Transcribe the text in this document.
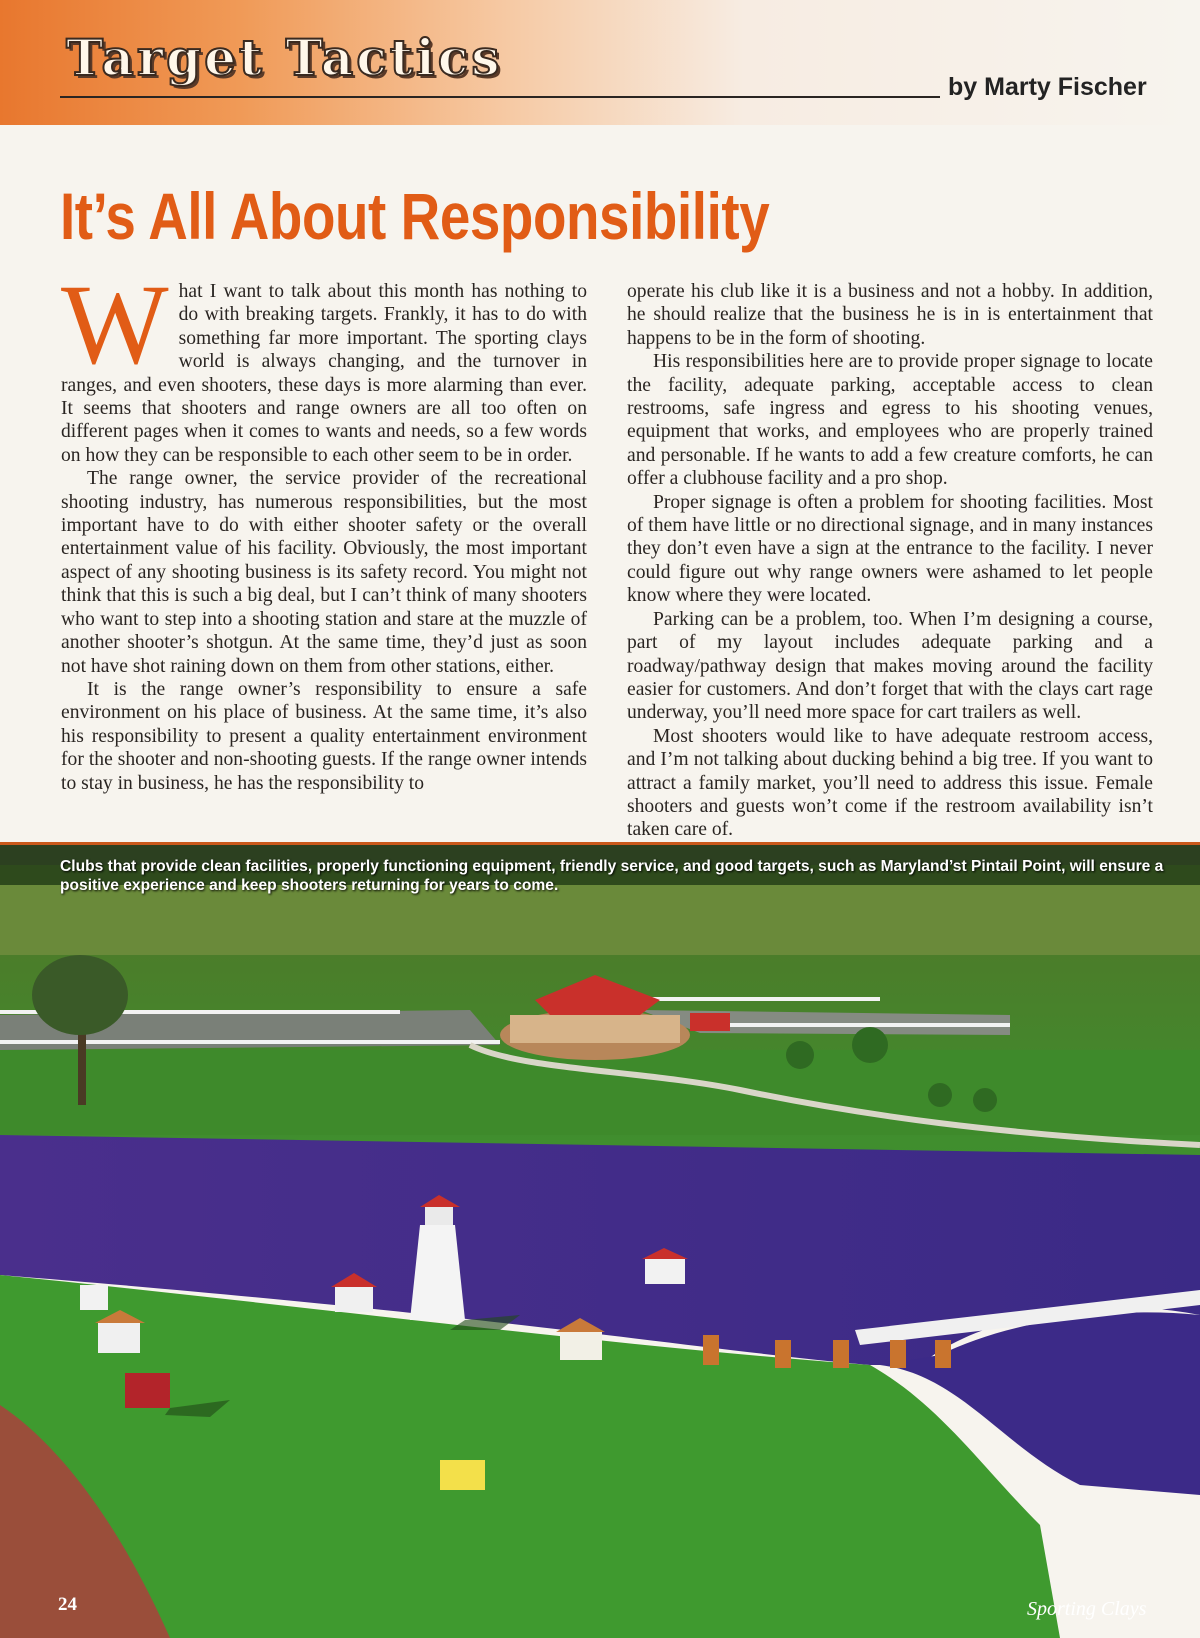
Target Tactics	by Marty Fischer
It’s All About Responsibility

What I want to talk about this month has nothing to do with breaking targets. Frankly, it has to do with something far more important. The sporting clays world is always changing, and the turnover in ranges, and even shooters, these days is more alarming than ever. It seems that shooters and range owners are all too often on different pages when it comes to wants and needs, so a few words on how they can be responsible to each other seem to be in order.

The range owner, the service provider of the recreational shooting industry, has numerous responsibilities, but the most important have to do with either shooter safety or the overall entertainment value of his facility. Obviously, the most important aspect of any shooting business is its safety record. You might not think that this is such a big deal, but I can’t think of many shooters who want to step into a shooting station and stare at the muzzle of another shooter’s shotgun. At the same time, they’d just as soon not have shot raining down on them from other stations, either.

It is the range owner’s responsibility to ensure a safe environment on his place of business. At the same time, it’s also his responsibility to present a quality entertainment environment for the shooter and non-shooting guests. If the range owner intends to stay in business, he has the responsibility to

operate his club like it is a business and not a hobby. In addition, he should realize that the business he is in is entertainment that happens to be in the form of shooting.

His responsibilities here are to provide proper signage to locate the facility, adequate parking, acceptable access to clean restrooms, safe ingress and egress to his shooting venues, equipment that works, and employees who are properly trained and personable. If he wants to add a few creature comforts, he can offer a clubhouse facility and a pro shop.

Proper signage is often a problem for shooting facilities. Most of them have little or no directional signage, and in many instances they don’t even have a sign at the entrance to the facility. I never could figure out why range owners were ashamed to let people know where they were located.

Parking can be a problem, too. When I’m designing a course, part of my layout includes adequate parking and a roadway/pathway design that makes moving around the facility easier for customers. And don’t forget that with the clays cart rage underway, you’ll need more space for cart trailers as well.

Most shooters would like to have adequate restroom access, and I’m not talking about ducking behind a big tree. If you want to attract a family market, you’ll need to address this issue. Female shooters and guests won’t come if the restroom availability isn’t taken care of.

Clubs that provide clean facilities, properly functioning equipment, friendly service, and good targets, such as Maryland’st Pintail Point, will ensure a positive experience and keep shooters returning for years to come.
24	Sporting Clays
